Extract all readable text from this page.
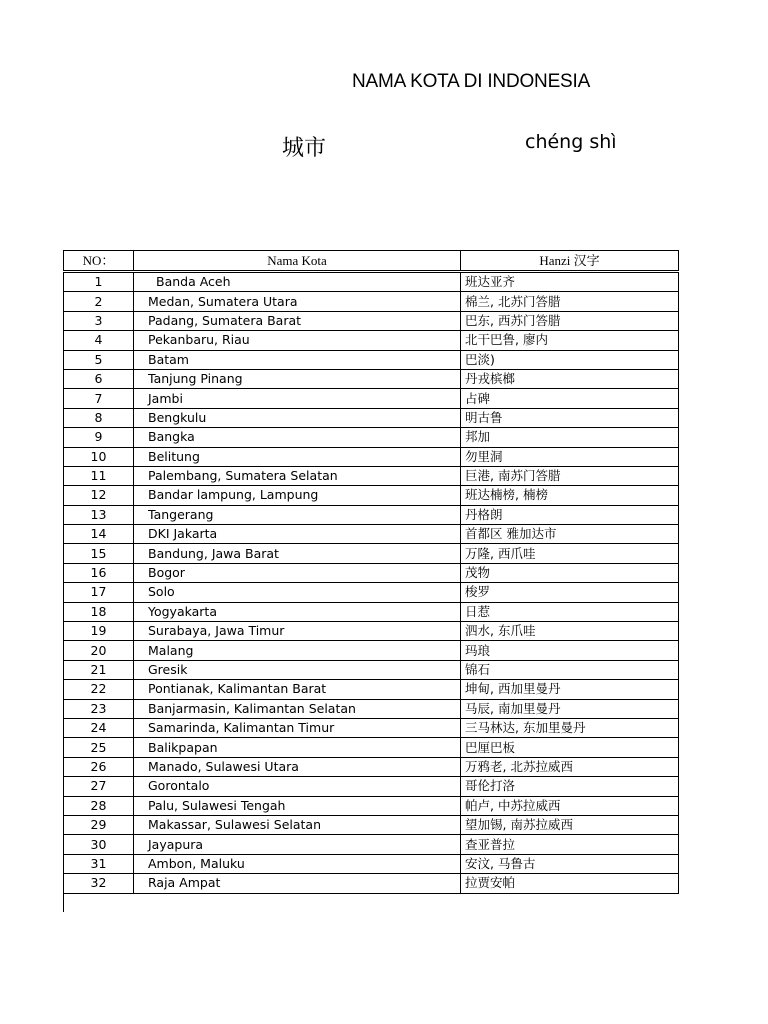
NAMA KOTA DI INDONESIA
城市	chéng shì
NO：	Nama Kota	Hanzi 汉字
1	Banda Aceh	班达亚齐
2	Medan, Sumatera Utara	棉兰, 北苏门答腊
3	Padang, Sumatera Barat	巴东, 西苏门答腊
4	Pekanbaru, Riau	北干巴鲁, 廖内
5	Batam	巴淡)
6	Tanjung Pinang	丹戎槟榔
7	Jambi	占碑
8	Bengkulu	明古鲁
9	Bangka	邦加
10	Belitung	勿里洞
11	Palembang, Sumatera Selatan	巨港, 南苏门答腊
12	Bandar lampung, Lampung	班达楠榜, 楠榜
13	Tangerang	丹格朗
14	DKI Jakarta	首都区 雅加达市
15	Bandung, Jawa Barat	万隆, 西爪哇
16	Bogor	茂物
17	Solo	梭罗
18	Yogyakarta	日惹
19	Surabaya, Jawa Timur	泗水, 东爪哇
20	Malang	玛琅
21	Gresik	锦石
22	Pontianak, Kalimantan Barat	坤甸, 西加里曼丹
23	Banjarmasin, Kalimantan Selatan	马辰, 南加里曼丹
24	Samarinda, Kalimantan Timur	三马林达, 东加里曼丹
25	Balikpapan	巴厘巴板
26	Manado, Sulawesi Utara	万鸦老, 北苏拉威西
27	Gorontalo	哥伦打洛
28	Palu, Sulawesi Tengah	帕卢, 中苏拉威西
29	Makassar, Sulawesi Selatan	望加锡, 南苏拉威西
30	Jayapura	查亚普拉
31	Ambon, Maluku	安汶, 马鲁古
32	Raja Ampat	拉贾安帕
